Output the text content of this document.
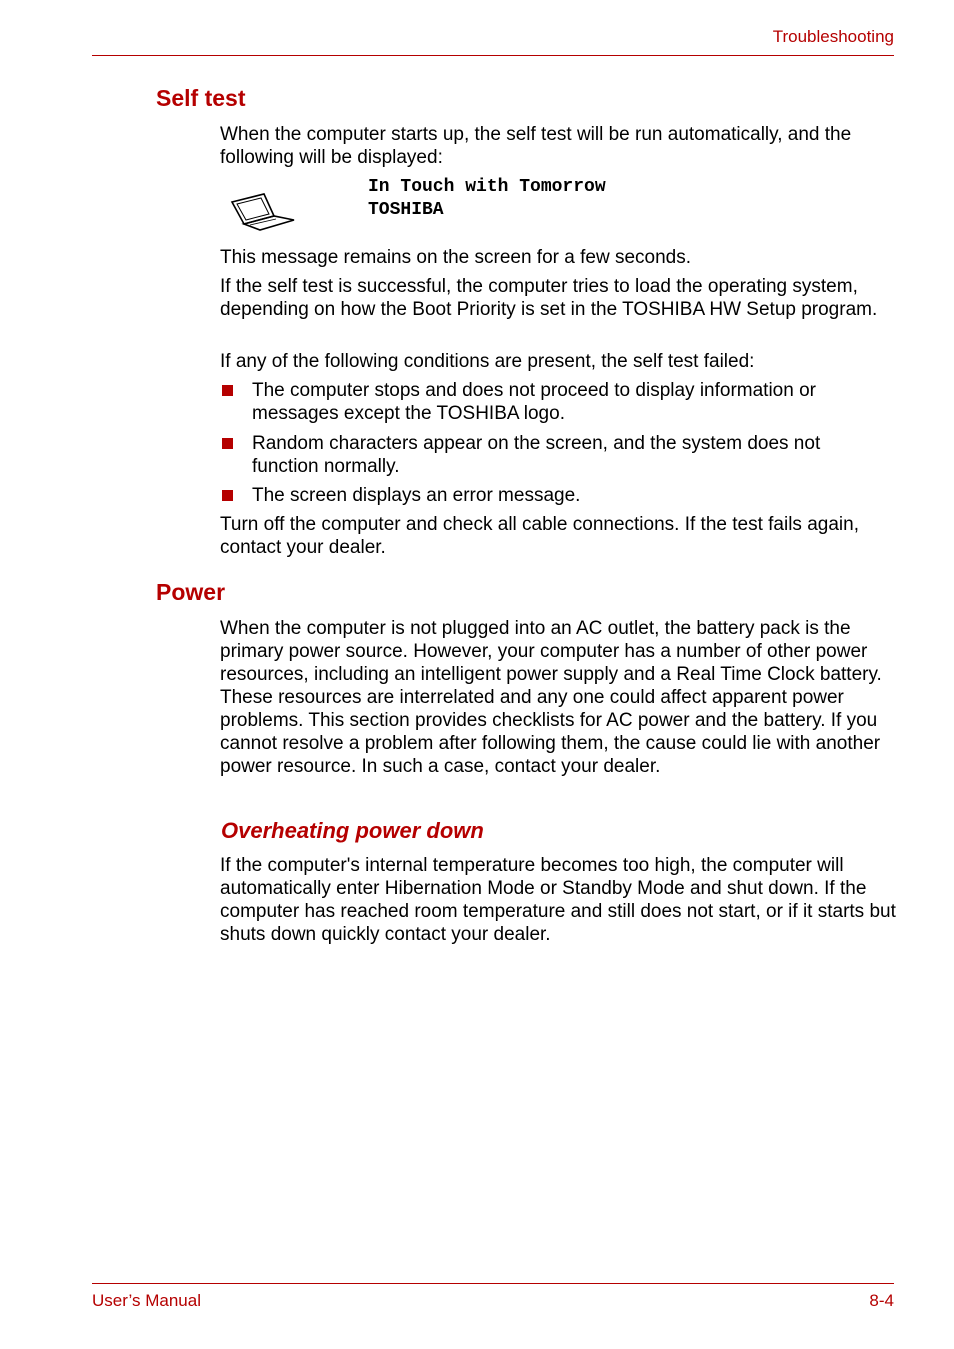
Troubleshooting
Self test

When the computer starts up, the self test will be run automatically, and the following will be displayed:

In Touch with Tomorrow
TOSHIBA

This message remains on the screen for a few seconds.

If the self test is successful, the computer tries to load the operating system, depending on how the Boot Priority is set in the TOSHIBA HW Setup program.

If any of the following conditions are present, the self test failed:

The computer stops and does not proceed to display information or messages except the TOSHIBA logo.
Random characters appear on the screen, and the system does not function normally.
The screen displays an error message.

Turn off the computer and check all cable connections. If the test fails again, contact your dealer.

Power

When the computer is not plugged into an AC outlet, the battery pack is the primary power source. However, your computer has a number of other power resources, including an intelligent power supply and a Real Time Clock battery. These resources are interrelated and any one could affect apparent power problems. This section provides checklists for AC power and the battery. If you cannot resolve a problem after following them, the cause could lie with another power resource. In such a case, contact your dealer.

Overheating power down

If the computer's internal temperature becomes too high, the computer will automatically enter Hibernation Mode or Standby Mode and shut down. If the computer has reached room temperature and still does not start, or if it starts but shuts down quickly contact your dealer.

User’s Manual	8-4
